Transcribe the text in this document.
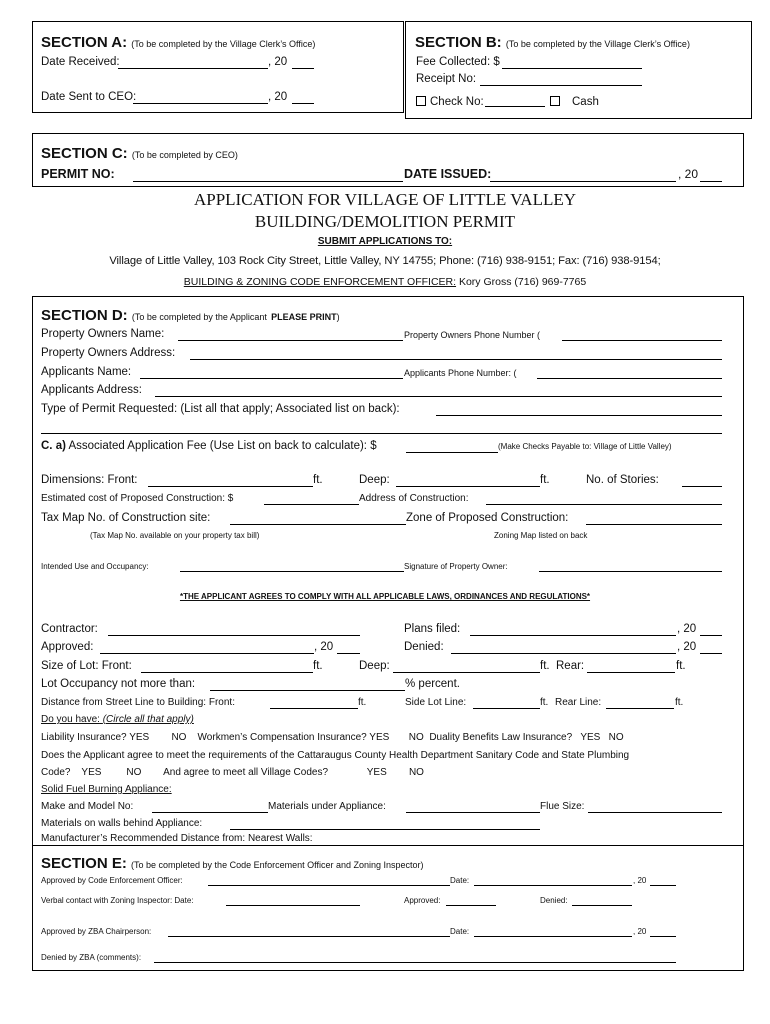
SECTION A: (To be completed by the Village Clerk’s Office)
Date Received:	, 20
Date Sent to CEO:	, 20
SECTION B: (To be completed by the Village Clerk’s Office)
Fee Collected: $
Receipt No:
Check No:	Cash
SECTION C: (To be completed by CEO)
PERMIT NO:	DATE ISSUED:	, 20
APPLICATION FOR VILLAGE OF LITTLE VALLEY
BUILDING/DEMOLITION PERMIT
SUBMIT APPLICATIONS TO:
Village of Little Valley, 103 Rock City Street, Little Valley, NY 14755; Phone: (716) 938-9151; Fax: (716) 938-9154;
BUILDING & ZONING CODE ENFORCEMENT OFFICER: Kory Gross (716) 969-7765
SECTION D: (To be completed by the Applicant PLEASE PRINT)
Property Owners Name:	Property Owners Phone Number (
Property Owners Address:
Applicants Name:	Applicants Phone Number: (
Applicants Address:
Type of Permit Requested: (List all that apply; Associated list on back):
C. a) Associated Application Fee (Use List on back to calculate): $	(Make Checks Payable to: Village of Little Valley)
Dimensions: Front:	ft.	Deep:	ft.	No. of Stories:
Estimated cost of Proposed Construction: $	Address of Construction:
Tax Map No. of Construction site:	Zone of Proposed Construction:
(Tax Map No. available on your property tax bill)	Zoning Map listed on back
Intended Use and Occupancy:	Signature of Property Owner:
*THE APPLICANT AGREES TO COMPLY WITH ALL APPLICABLE LAWS, ORDINANCES AND REGULATIONS*
Contractor:	Plans filed:	, 20
Approved:	, 20	Denied:	, 20
Size of Lot: Front:	ft.	Deep:	ft. Rear:	ft.
Lot Occupancy not more than:	% percent.
Distance from Street Line to Building: Front:	ft.	Side Lot Line:	ft. Rear Line:	ft.
Do you have: (Circle all that apply)
Liability Insurance? YES        NO    Workmen’s Compensation Insurance? YES       NO  Duality Benefits Law Insurance?   YES   NO
Does the Applicant agree to meet the requirements of the Cattaraugus County Health Department Sanitary Code and State Plumbing
Code?    YES         NO        And agree to meet all Village Codes?              YES        NO
Solid Fuel Burning Appliance:
Make and Model No:	Materials under Appliance:	Flue Size:
Materials on walls behind Appliance:
Manufacturer’s Recommended Distance from: Nearest Walls:
SECTION E: (To be completed by the Code Enforcement Officer and Zoning Inspector)
Approved by Code Enforcement Officer:	Date:	, 20
Verbal contact with Zoning Inspector: Date:	Approved:	Denied:
Approved by ZBA Chairperson:	Date:	, 20
Denied by ZBA (comments):
